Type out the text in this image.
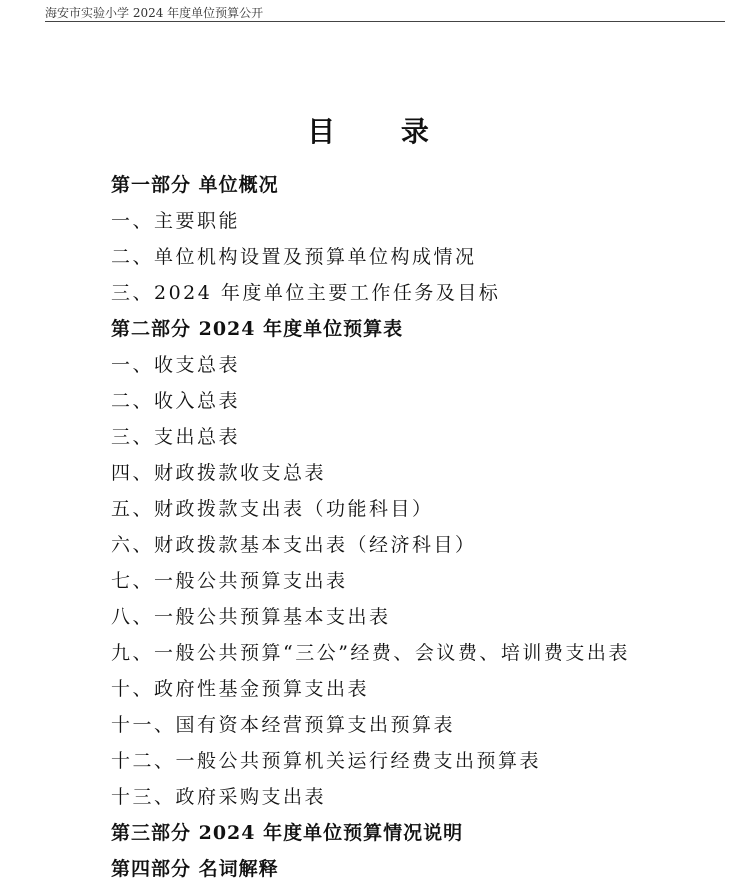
海安市实验小学 2024 年度单位预算公开
目 录
第一部分 单位概况
一、主要职能
二、单位机构设置及预算单位构成情况
三、2024 年度单位主要工作任务及目标
第二部分 2024 年度单位预算表
一、收支总表
二、收入总表
三、支出总表
四、财政拨款收支总表
五、财政拨款支出表（功能科目）
六、财政拨款基本支出表（经济科目）
七、一般公共预算支出表
八、一般公共预算基本支出表
九、一般公共预算“三公”经费、会议费、培训费支出表
十、政府性基金预算支出表
十一、国有资本经营预算支出预算表
十二、一般公共预算机关运行经费支出预算表
十三、政府采购支出表
第三部分 2024 年度单位预算情况说明
第四部分 名词解释
